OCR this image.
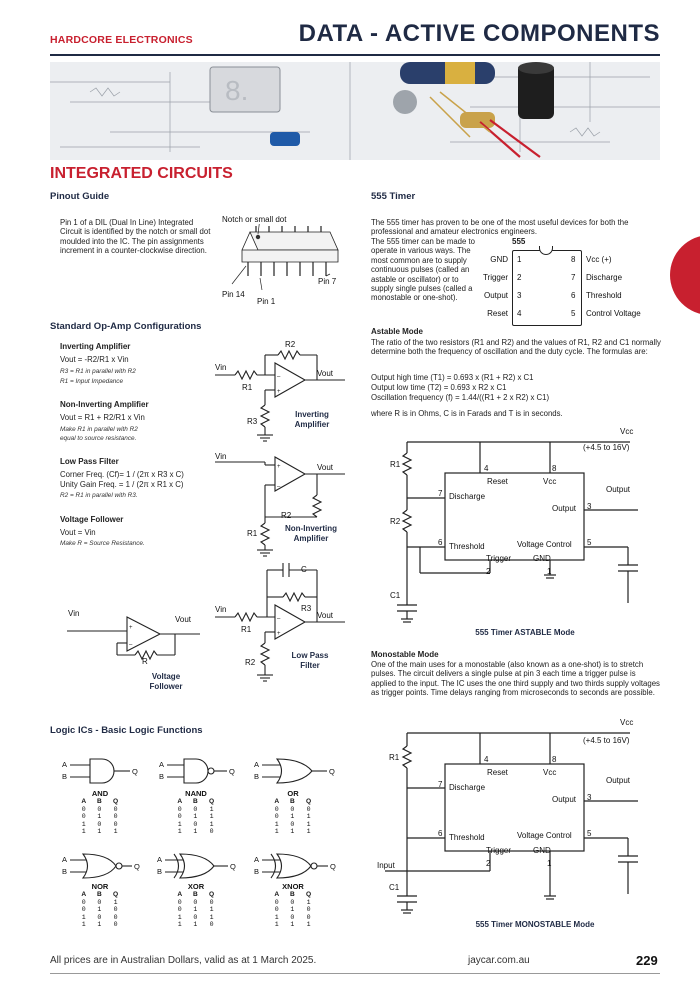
HARDCORE ELECTRONICS	DATA - ACTIVE COMPONENTS
8.
INTEGRATED CIRCUITS
Pinout Guide
Pin 1 of a DIL (Dual In Line) Integrated Circuit is identified by the notch or small dot moulded into the IC. The pin assignments increment in a counter-clockwise direction.
Notch or small dot
Pin 14
Pin 1
Pin 7
Standard Op-Amp Configurations
Inverting Amplifier
Vout = -R2/R1 x Vin
R3 = R1 in parallel with R2
R1 = Input Impedance
Non-Inverting Amplifier
Vout = R1 + R2/R1 x Vin
Make R1 in parallel with R2
equal to source resistance.
Low Pass Filter
Corner Freq. (Cf)= 1 / (2π x R3 x C)
Unity Gain Freq. = 1 / (2π x R1 x C)
R2 = R1 in parallel with R3.
Voltage Follower
Vout = Vin
Make R = Source Resistance.
Vin
R1
R2
Vout
R3
Vin
Vout
R2
R1
C
R3
Vin
R1
Vout
R2
–
+
+
–
–
+
Inverting
Amplifier
Non-Inverting
Amplifier
Low Pass
Filter
+
–
Vin
Vout
R
Voltage
Follower
Logic ICs - Basic Logic Functions
A
B
Q
A
B
Q
A
B
Q
A
B
Q
A
B
Q
A
B
Q
AND
A	B	Q
0	0	0
0	1	0
1	0	0
1	1	1
NAND
A	B	Q
0	0	1
0	1	1
1	0	1
1	1	0
OR
A	B	Q
0	0	0
0	1	1
1	0	1
1	1	1
NOR
A	B	Q
0	0	1
0	1	0
1	0	0
1	1	0
XOR
A	B	Q
0	0	0
0	1	1
1	0	1
1	1	0
XNOR
A	B	Q
0	0	1
0	1	0
1	0	0
1	1	1
555 Timer
The 555 timer has proven to be one of the most useful devices for both the professional and amateur electronics engineers.
The 555 timer can be made to operate in various ways. The most common are to supply continuous pulses (called an astable or oscillator) or to supply single pulses (called a monostable or one-shot).
555
GND 1	8 Vcc (+)
Trigger 2	7 Discharge
Output 3	6 Threshold
Reset 4	5 Control Voltage
Astable Mode
The ratio of the two resistors (R1 and R2) and the values of R1, R2 and C1 normally determine both the frequency of oscillation and the duty cycle. The formulas are:
Output high time (T1) = 0.693 x (R1 + R2) x C1
Output low time (T2) = 0.693 x R2 x C1
Oscillation frequency (f) = 1.44/((R1 + 2 x R2) x C1)
where R is in Ohms, C is in Farads and T is in seconds.
Vcc
(+4.5 to 16V)
R1
R2
C1
4	8
Reset	Vcc
7 Discharge
Output
Output 3
6 Threshold	Voltage Control 5
Trigger	GND
2	1
555 Timer ASTABLE Mode
Monostable Mode
One of the main uses for a monostable (also known as a one-shot) is to stretch pulses. The circuit delivers a single pulse at pin 3 each time a trigger pulse is applied to the input. The IC uses the one third supply and two thirds supply voltages as trigger points. Time delays ranging from microseconds to seconds are possible.
Vcc
(+4.5 to 16V)
R1
C1
Input
4	8
Reset	Vcc
7 Discharge
Output
Output 3
6 Threshold	Voltage Control 5
Trigger	GND
2	1
555 Timer MONOSTABLE Mode
All prices are in Australian Dollars, valid as at 1 March 2025.	jaycar.com.au	229
